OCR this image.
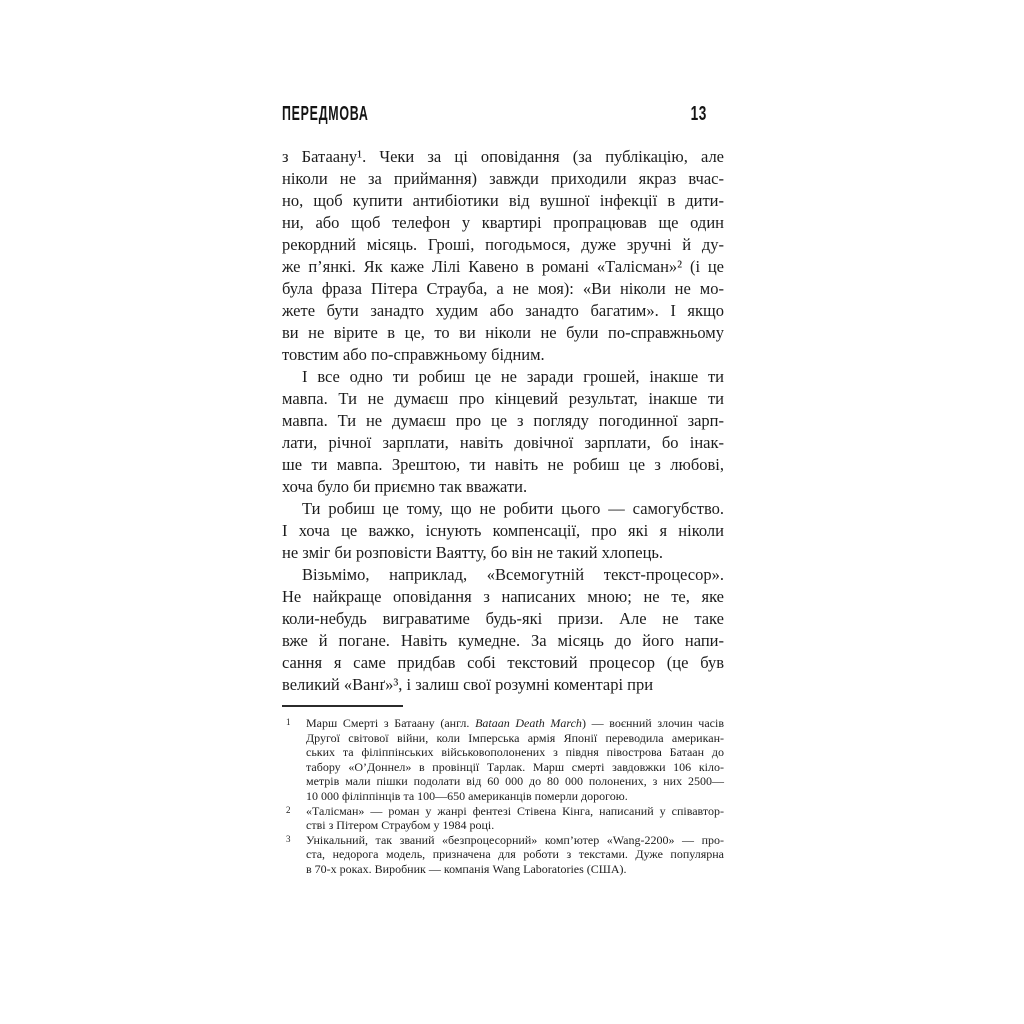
ПЕРЕДМОВА	13
з Батаану¹. Чеки за ці оповідання (за публікацію, але
ніколи не за приймання) завжди приходили якраз вчас-
но, щоб купити антибіотики від вушної інфекції в дити-
ни, або щоб телефон у квартирі пропрацював ще один
рекордний місяць. Гроші, погодьмося, дуже зручні й ду-
же п’янкі. Як каже Лілі Кавено в романі «Талісман»² (і це
була фраза Пітера Страуба, а не моя): «Ви ніколи не мо-
жете бути занадто худим або занадто багатим». І якщо
ви не вірите в це, то ви ніколи не були по-справжньому
товстим або по-справжньому бідним.
І все одно ти робиш це не заради грошей, інакше ти
мавпа. Ти не думаєш про кінцевий результат, інакше ти
мавпа. Ти не думаєш про це з погляду погодинної зарп-
лати, річної зарплати, навіть довічної зарплати, бо інак-
ше ти мавпа. Зрештою, ти навіть не робиш це з любові,
хоча було би приємно так вважати.
Ти робиш це тому, що не робити цього — самогубство.
І хоча це важко, існують компенсації, про які я ніколи
не зміг би розповісти Ваятту, бо він не такий хлопець.
Візьмімо, наприклад, «Всемогутній текст-процесор».
Не найкраще оповідання з написаних мною; не те, яке
коли-небудь виграватиме будь-які призи. Але не таке
вже й погане. Навіть кумедне. За місяць до його напи-
сання я саме придбав собі текстовий процесор (це був
великий «Ванґ»³, і залиш свої розумні коментарі при
1 Марш Смерті з Батаану (англ. Bataan Death March) — воєнний злочин часів
Другої світової війни, коли Імперська армія Японії переводила американ-
ських та філіппінських військовополонених з півдня півострова Батаан до
табору «О’Доннел» в провінції Тарлак. Марш смерті завдовжки 106 кіло-
метрів мали пішки подолати від 60 000 до 80 000 полонених, з них 2500—
10 000 філіппінців та 100—650 американців померли дорогою.
2 «Талісман» — роман у жанрі фентезі Стівена Кінга, написаний у співавтор-
стві з Пітером Страубом у 1984 році.
3 Унікальний, так званий «безпроцесорний» комп’ютер «Wang-2200» — про-
ста, недорога модель, призначена для роботи з текстами. Дуже популярна
в 70-х роках. Виробник — компанія Wang Laboratories (США).
